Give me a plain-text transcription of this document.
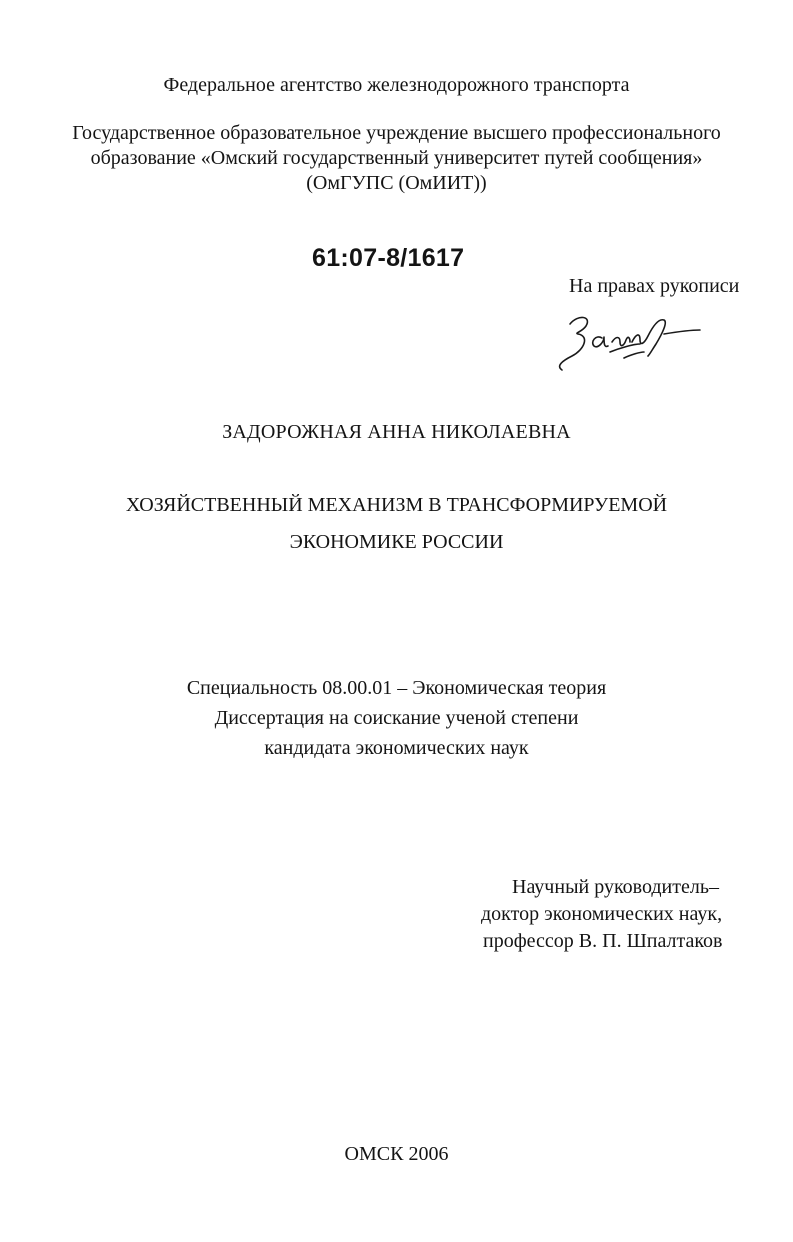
Федеральное агентство железнодорожного транспорта
Государственное образовательное учреждение высшего профессионального
образование «Омский государственный университет путей сообщения»
(ОмГУПС (ОмИИТ))
61:07-8/1617
На правах рукописи
ЗАДОРОЖНАЯ АННА НИКОЛАЕВНА
ХОЗЯЙСТВЕННЫЙ МЕХАНИЗМ В ТРАНСФОРМИРУЕМОЙ
ЭКОНОМИКЕ РОССИИ
Специальность 08.00.01 – Экономическая теория
Диссертация на соискание ученой степени
кандидата экономических наук
Научный руководитель–
доктор экономических наук,
профессор В. П. Шпалтаков
ОМСК 2006
